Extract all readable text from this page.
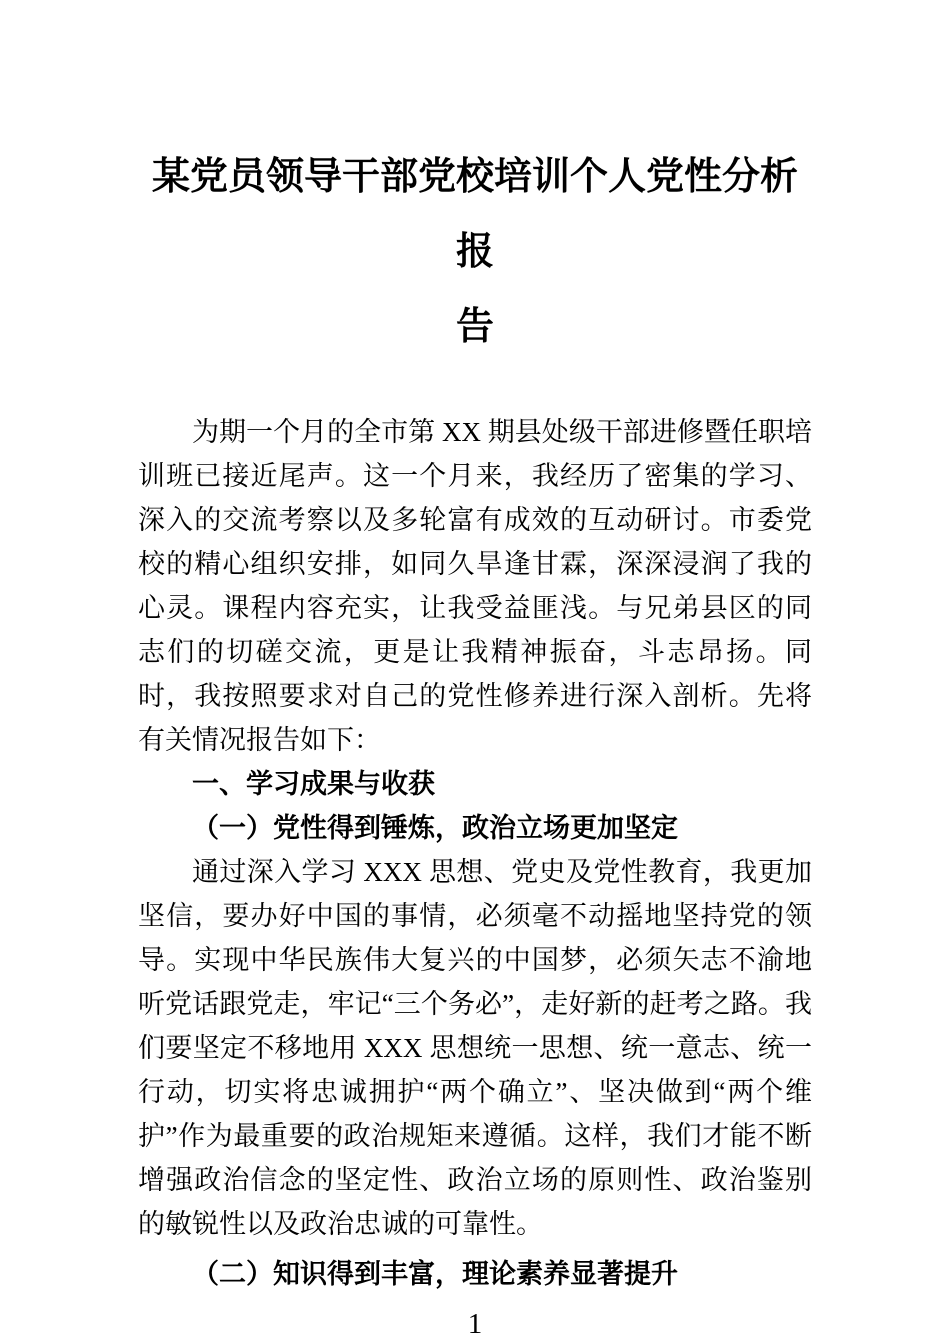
某党员领导干部党校培训个人党性分析报
告

为期一个月的全市第 XX 期县处级干部进修暨任职培训班已接近尾声。这一个月来，我经历了密集的学习、深入的交流考察以及多轮富有成效的互动研讨。市委党校的精心组织安排，如同久旱逢甘霖，深深浸润了我的心灵。课程内容充实，让我受益匪浅。与兄弟县区的同志们的切磋交流，更是让我精神振奋，斗志昂扬。同时，我按照要求对自己的党性修养进行深入剖析。先将有关情况报告如下：

一、学习成果与收获
（一）党性得到锤炼，政治立场更加坚定

通过深入学习 XXX 思想、党史及党性教育，我更加坚信，要办好中国的事情，必须毫不动摇地坚持党的领导。实现中华民族伟大复兴的中国梦，必须矢志不渝地听党话跟党走，牢记“三个务必”，走好新的赶考之路。我们要坚定不移地用 XXX 思想统一思想、统一意志、统一行动，切实将忠诚拥护“两个确立”、坚决做到“两个维护”作为最重要的政治规矩来遵循。这样，我们才能不断增强政治信念的坚定性、政治立场的原则性、政治鉴别的敏锐性以及政治忠诚的可靠性。

（二）知识得到丰富，理论素养显著提升
1
